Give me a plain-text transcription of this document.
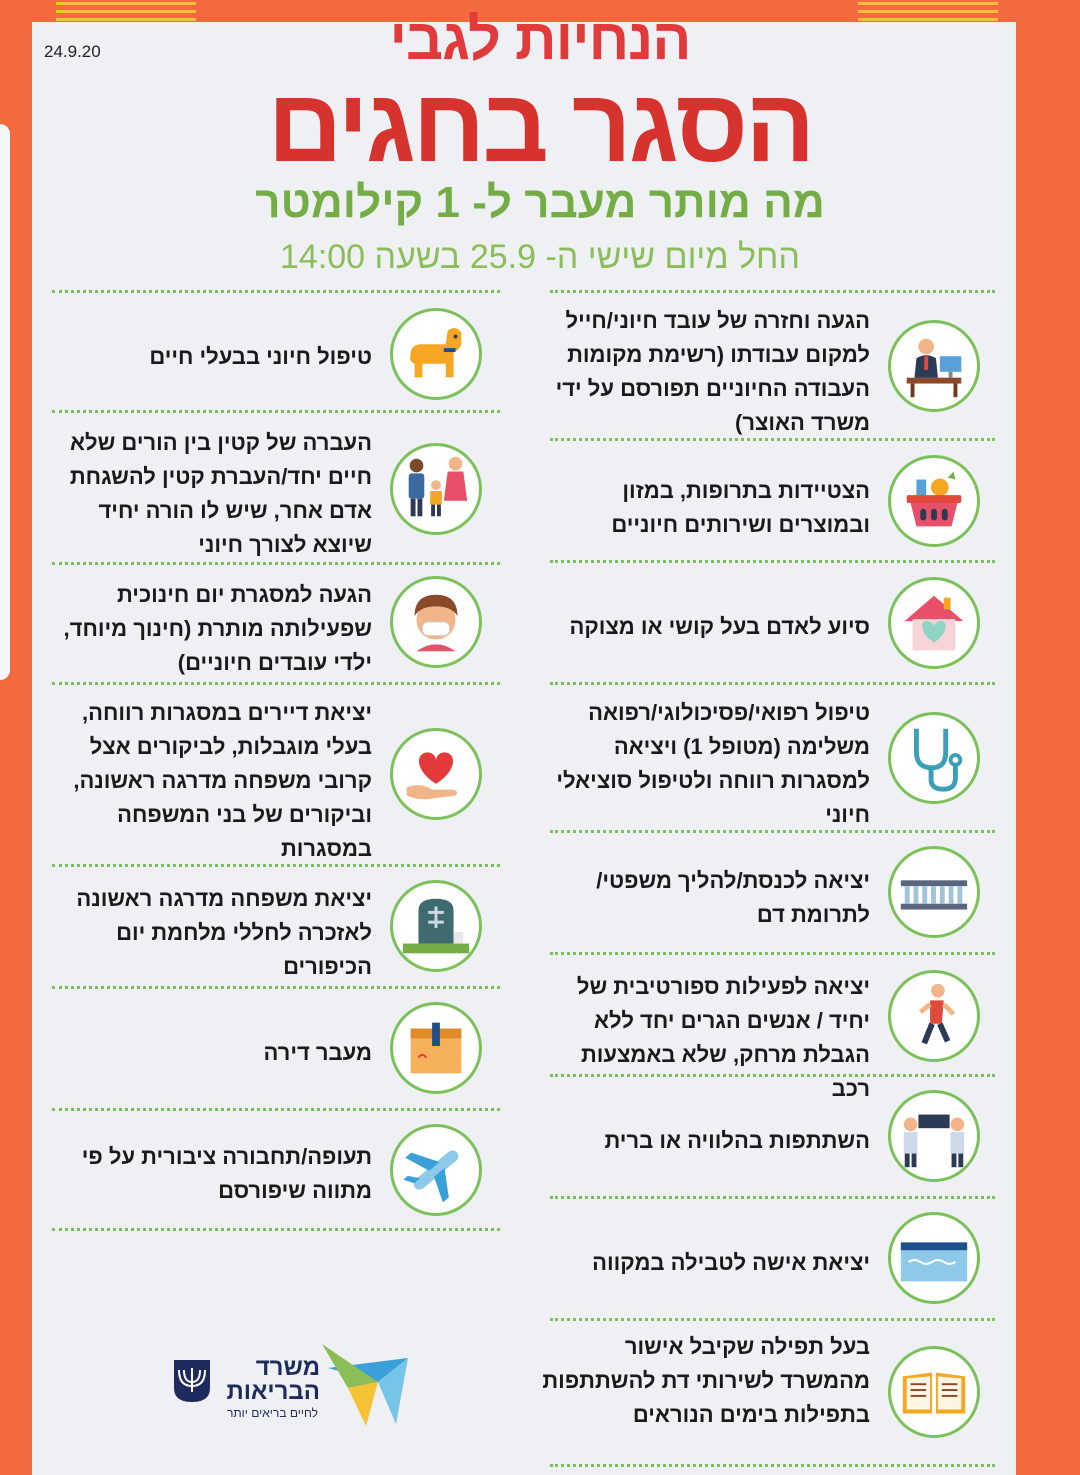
24.9.20	הנחיות לגבי
הסגר בחגים
מה מותר מעבר ל- 1 קילומטר
החל מיום שישי ה- 25.9 בשעה 14:00
הגעה וחזרה של עובד חיוני/חייל למקום עבודתו (רשימת מקומות העבודה החיוניים תפורסם על ידי משרד האוצר)
הצטיידות בתרופות, במזון ובמוצרים ושירותים חיוניים
סיוע לאדם בעל קושי או מצוקה
טיפול רפואי/פסיכולוגי/רפואה משלימה (מטופל 1) ויציאה למסגרות רווחה ולטיפול סוציאלי חיוני
יציאה לכנסת/להליך משפטי/ לתרומת דם
יציאה לפעילות ספורטיבית של יחיד / אנשים הגרים יחד ללא הגבלת מרחק, שלא באמצעות רכב
השתתפות בהלוויה או ברית
יציאת אישה לטבילה במקווה
בעל תפילה שקיבל אישור מהמשרד לשירותי דת להשתתפות בתפילות בימים הנוראים
טיפול חיוני בבעלי חיים
העברה של קטין בין הורים שלא חיים יחד/העברת קטין להשגחת אדם אחר, שיש לו הורה יחיד שיוצא לצורך חיוני
הגעה למסגרת יום חינוכית שפעילותה מותרת (חינוך מיוחד, ילדי עובדים חיוניים)
יציאת דיירים במסגרות רווחה, בעלי מוגבלות, לביקורים אצל קרובי משפחה מדרגה ראשונה, וביקורים של בני המשפחה במסגרות
יציאת משפחה מדרגה ראשונה לאזכרה לחללי מלחמת יום הכיפורים
מעבר דירה
תעופה/תחבורה ציבורית על פי מתווה שיפורסם
משרד
הבריאות
לחיים בריאים יותר
